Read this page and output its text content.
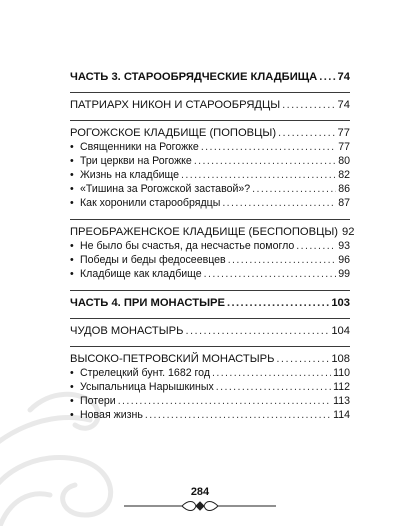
284
ЧАСТЬ 3. СТАРООБРЯДЧЕСКИЕ КЛАДБИЩА ..... 74
ПАТРИАРХ НИКОН И СТАРООБРЯДЦЫ .....	74
РОГОЖСКОЕ КЛАДБИЩЕ (ПОПОВЦЫ) .....	77
• Священники на Рогожке .....	77
• Три церкви на Рогожке .....	80
• Жизнь на кладбище .....	82
• «Тишина за Рогожской заставой»? .....	86
• Как хоронили старообрядцы .....	87
ПРЕОБРАЖЕНСКОЕ КЛАДБИЩЕ (БЕСПОПОВЦЫ) 92
• Не было бы счастья, да несчастье помогло .....	93
• Победы и беды федосеевцев .....	96
• Кладбище как кладбище .....	99
ЧАСТЬ 4. ПРИ МОНАСТЫРЕ .....	103
ЧУДОВ МОНАСТЫРЬ .....	104
ВЫСОКО-ПЕТРОВСКИЙ МОНАСТЫРЬ .....	108
• Стрелецкий бунт. 1682 год .....	110
• Усыпальница Нарышкиных .....	112
• Потери .....	113
• Новая жизнь .....	114
